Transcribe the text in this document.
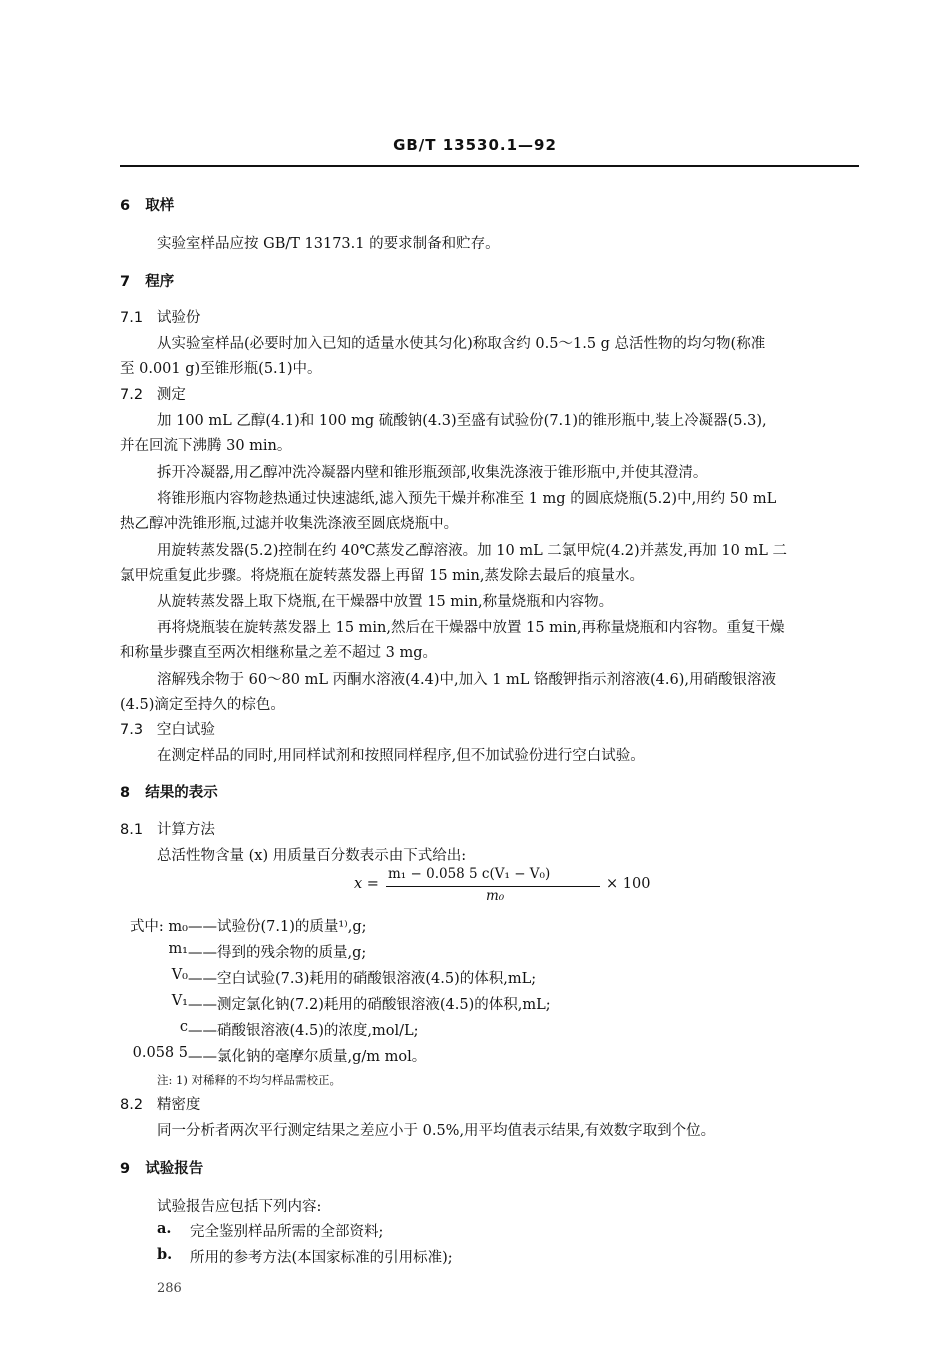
GB/T 13530.1—92
6 取样
实验室样品应按 GB/T 13173.1 的要求制备和贮存。
7 程序
7.1 试验份
从实验室样品(必要时加入已知的适量水使其匀化)称取含约 0.5～1.5 g 总活性物的均匀物(称准
至 0.001 g)至锥形瓶(5.1)中。
7.2 测定
加 100 mL 乙醇(4.1)和 100 mg 硫酸钠(4.3)至盛有试验份(7.1)的锥形瓶中,装上冷凝器(5.3),
并在回流下沸腾 30 min。
拆开冷凝器,用乙醇冲洗冷凝器内壁和锥形瓶颈部,收集洗涤液于锥形瓶中,并使其澄清。
将锥形瓶内容物趁热通过快速滤纸,滤入预先干燥并称准至 1 mg 的圆底烧瓶(5.2)中,用约 50 mL
热乙醇冲洗锥形瓶,过滤并收集洗涤液至圆底烧瓶中。
用旋转蒸发器(5.2)控制在约 40℃蒸发乙醇溶液。加 10 mL 二氯甲烷(4.2)并蒸发,再加 10 mL 二
氯甲烷重复此步骤。将烧瓶在旋转蒸发器上再留 15 min,蒸发除去最后的痕量水。
从旋转蒸发器上取下烧瓶,在干燥器中放置 15 min,称量烧瓶和内容物。
再将烧瓶装在旋转蒸发器上 15 min,然后在干燥器中放置 15 min,再称量烧瓶和内容物。重复干燥
和称量步骤直至两次相继称量之差不超过 3 mg。
溶解残余物于 60～80 mL 丙酮水溶液(4.4)中,加入 1 mL 铬酸钾指示剂溶液(4.6),用硝酸银溶液
(4.5)滴定至持久的棕色。
7.3 空白试验
在测定样品的同时,用同样试剂和按照同样程序,但不加试验份进行空白试验。
8 结果的表示
8.1 计算方法
总活性物含量 (x) 用质量百分数表示由下式给出:
x =
m₁ − 0.058 5 c(V₁ − V₀)
m₀
× 100
式中: m₀ ——试验份(7.1)的质量¹⁾,g;
m₁ ——得到的残余物的质量,g;
V₀ ——空白试验(7.3)耗用的硝酸银溶液(4.5)的体积,mL;
V₁ ——测定氯化钠(7.2)耗用的硝酸银溶液(4.5)的体积,mL;
c ——硝酸银溶液(4.5)的浓度,mol/L;
0.058 5 ——氯化钠的毫摩尔质量,g/m mol。
注: 1) 对稀释的不均匀样品需校正。
8.2 精密度
同一分析者两次平行测定结果之差应小于 0.5%,用平均值表示结果,有效数字取到个位。
9 试验报告
试验报告应包括下列内容:
a. 完全鉴别样品所需的全部资料;
b. 所用的参考方法(本国家标准的引用标准);
286
